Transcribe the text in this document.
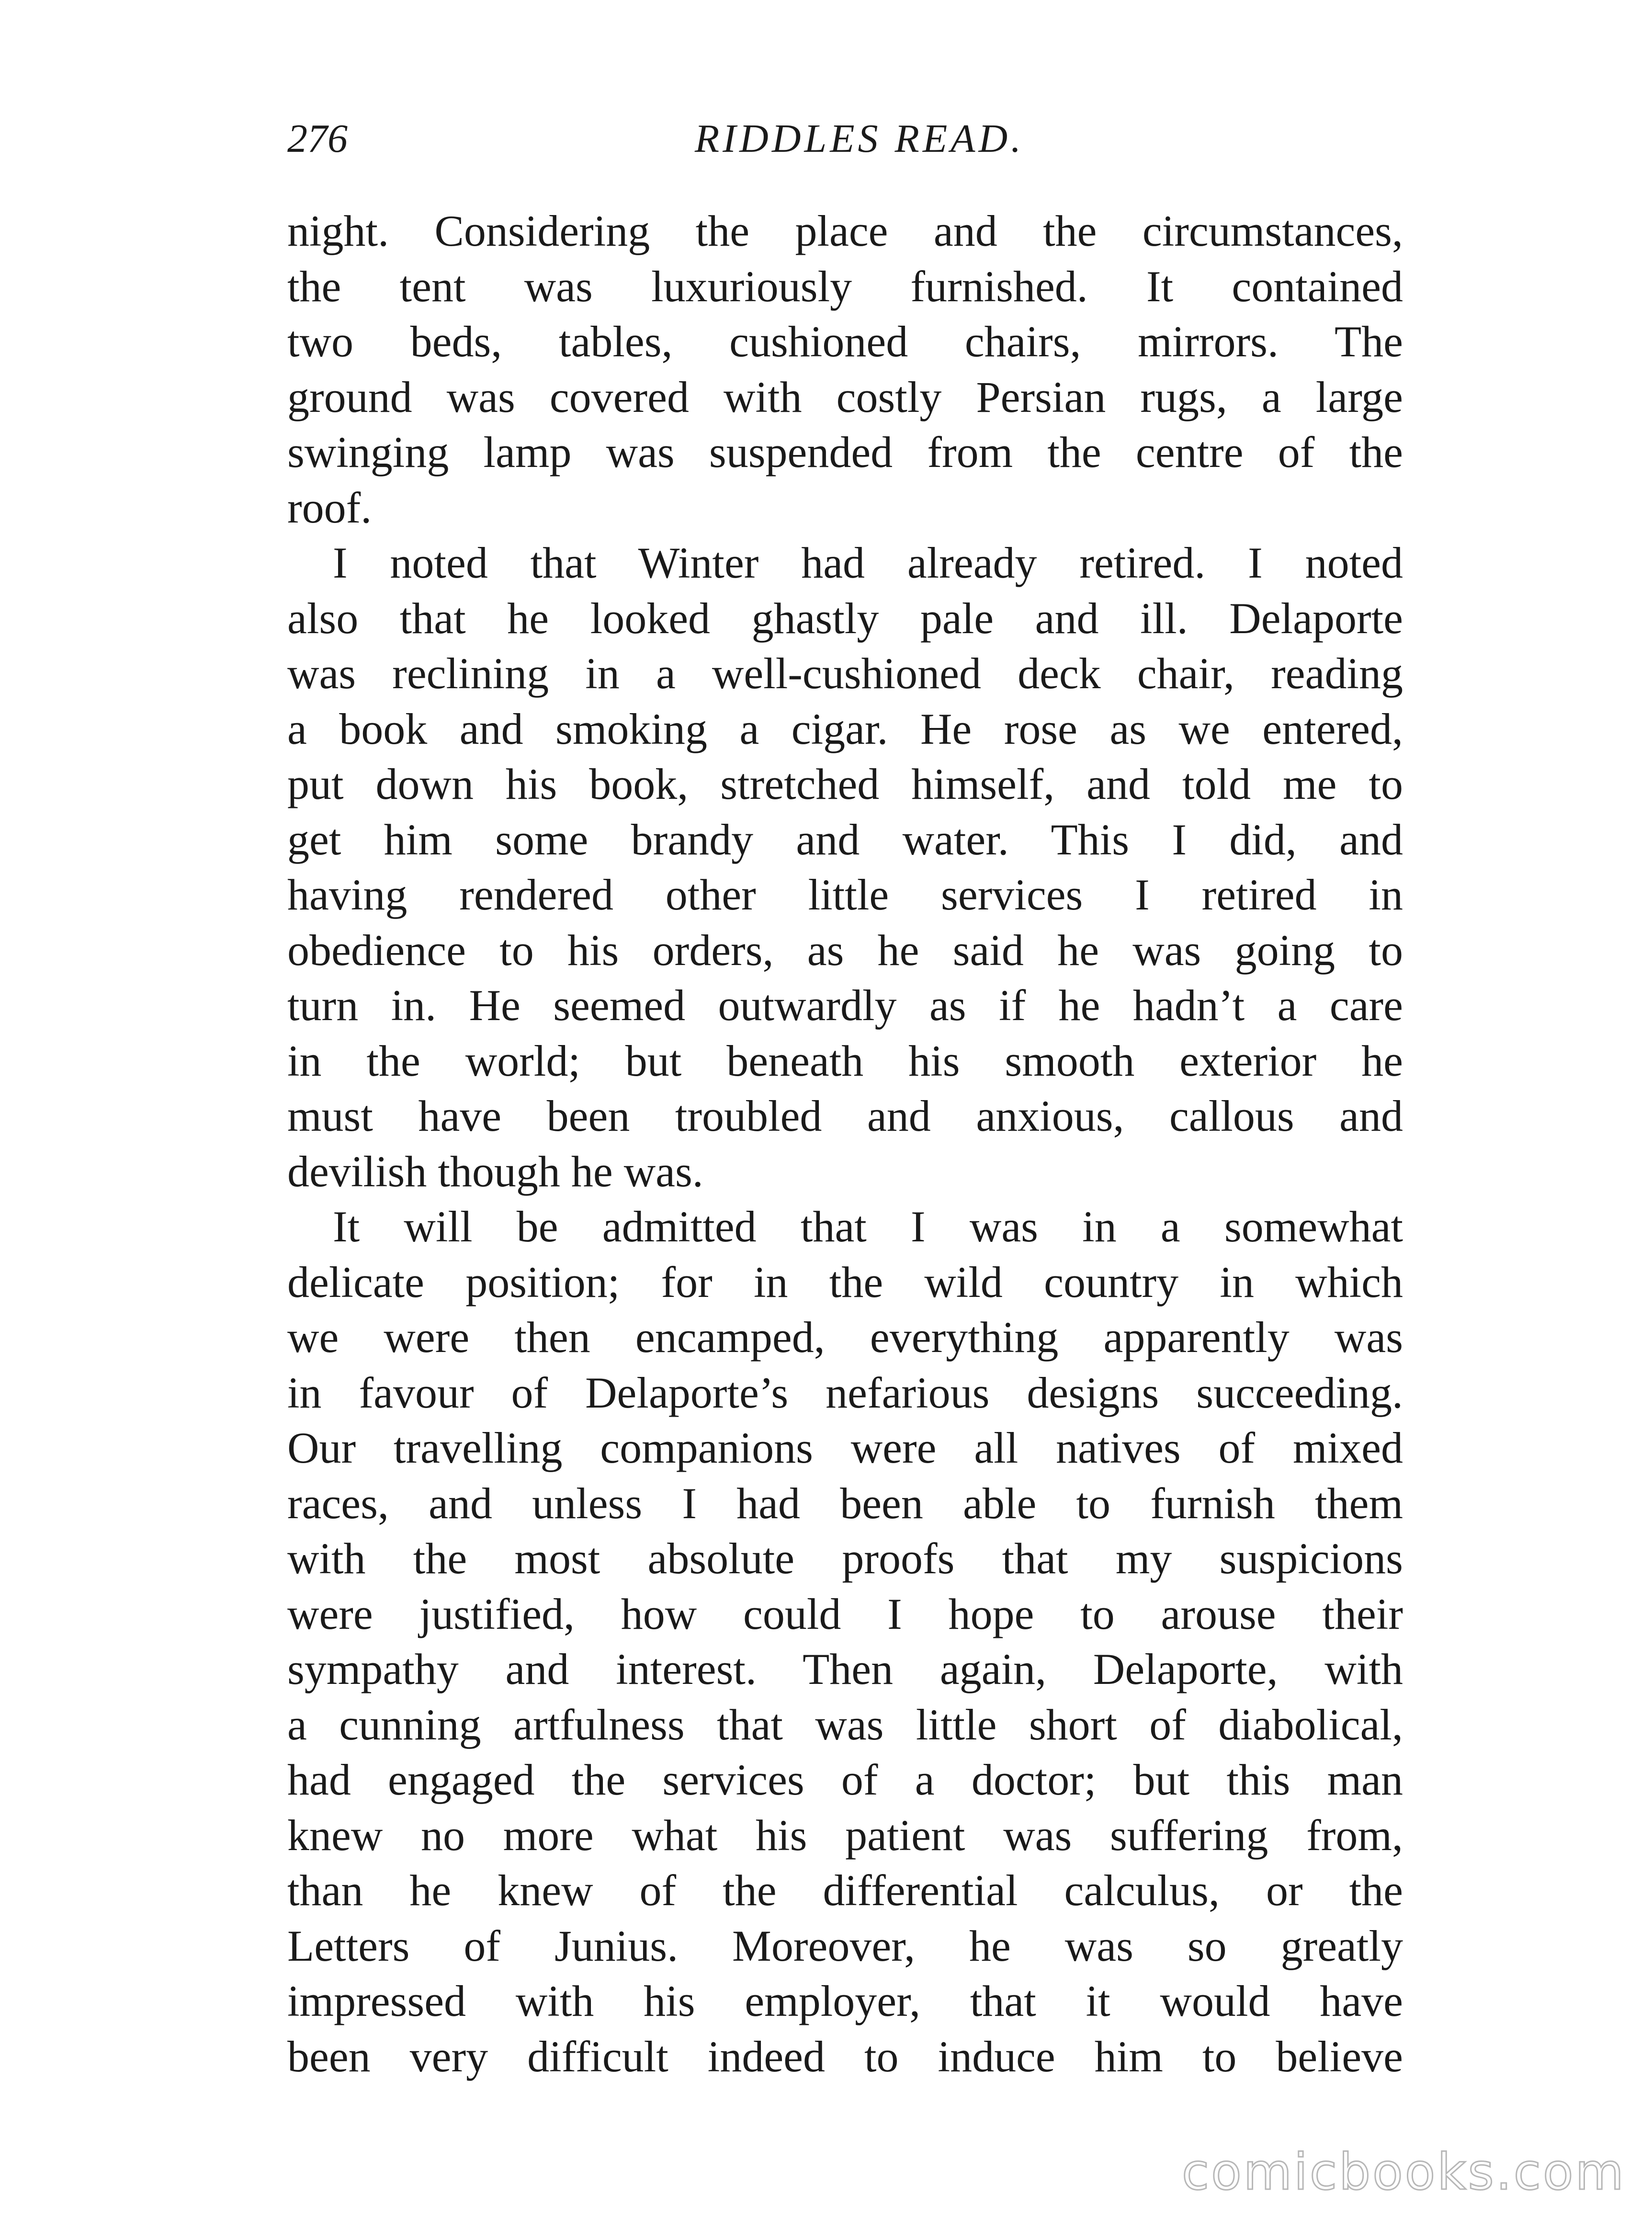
276	RIDDLES READ.
night. Considering the place and the circumstances,
the tent was luxuriously furnished. It contained
two beds, tables, cushioned chairs, mirrors. The
ground was covered with costly Persian rugs, a large
swinging lamp was suspended from the centre of the
roof.
I noted that Winter had already retired. I noted
also that he looked ghastly pale and ill. Delaporte
was reclining in a well-cushioned deck chair, reading
a book and smoking a cigar. He rose as we entered,
put down his book, stretched himself, and told me to
get him some brandy and water. This I did, and
having rendered other little services I retired in
obedience to his orders, as he said he was going to
turn in. He seemed outwardly as if he hadn’t a care
in the world; but beneath his smooth exterior he
must have been troubled and anxious, callous and
devilish though he was.
It will be admitted that I was in a somewhat
delicate position; for in the wild country in which
we were then encamped, everything apparently was
in favour of Delaporte’s nefarious designs succeeding.
Our travelling companions were all natives of mixed
races, and unless I had been able to furnish them
with the most absolute proofs that my suspicions
were justified, how could I hope to arouse their
sympathy and interest. Then again, Delaporte, with
a cunning artfulness that was little short of diabolical,
had engaged the services of a doctor; but this man
knew no more what his patient was suffering from,
than he knew of the differential calculus, or the
Letters of Junius. Moreover, he was so greatly
impressed with his employer, that it would have
been very difficult indeed to induce him to believe
comicbooks.com
